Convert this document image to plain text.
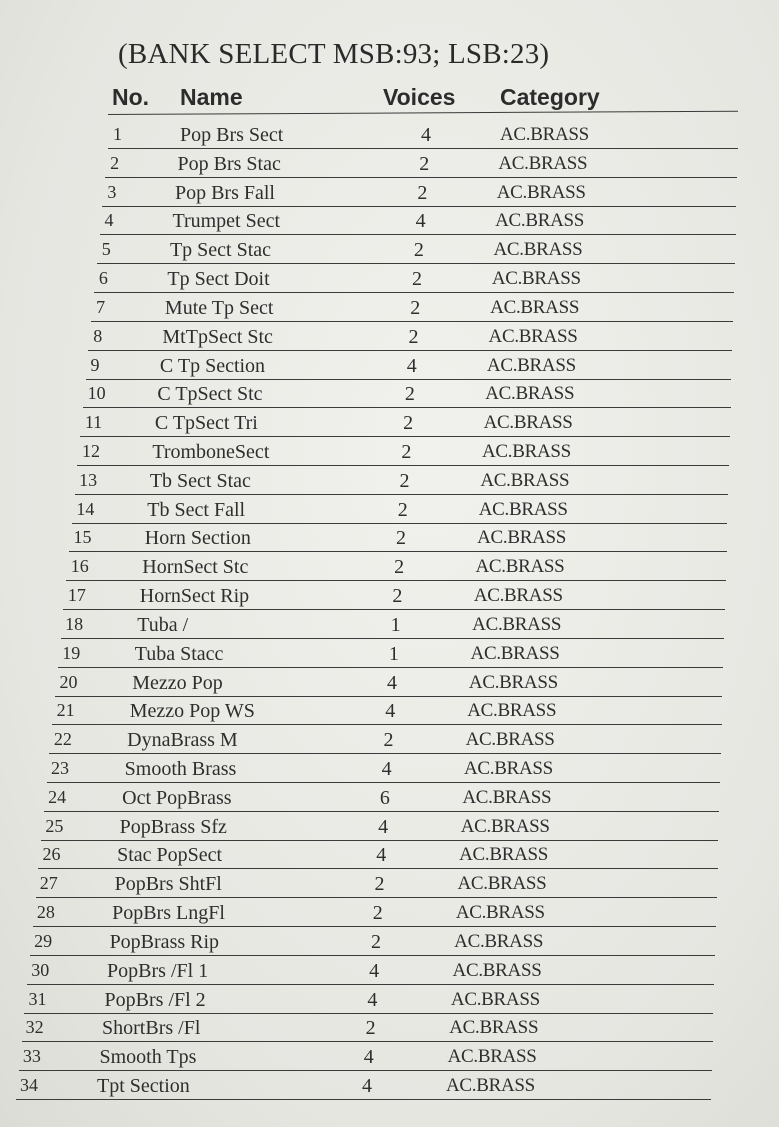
(BANK SELECT MSB:93; LSB:23)
No. Name	Voices Category
1	Pop Brs Sect	4	AC.BRASS
2	Pop Brs Stac	2	AC.BRASS
3	Pop Brs Fall	2	AC.BRASS
4	Trumpet Sect	4	AC.BRASS
5	Tp Sect Stac	2	AC.BRASS
6	Tp Sect Doit	2	AC.BRASS
7	Mute Tp Sect	2	AC.BRASS
8	MtTpSect Stc	2	AC.BRASS
9	C Tp Section	4	AC.BRASS
10	C TpSect Stc	2	AC.BRASS
11	C TpSect Tri	2	AC.BRASS
12	TromboneSect	2	AC.BRASS
13	Tb Sect Stac	2	AC.BRASS
14	Tb Sect Fall	2	AC.BRASS
15	Horn Section	2	AC.BRASS
16	HornSect Stc	2	AC.BRASS
17	HornSect Rip	2	AC.BRASS
18	Tuba /	1	AC.BRASS
19	Tuba Stacc	1	AC.BRASS
20	Mezzo Pop	4	AC.BRASS
21	Mezzo Pop WS	4	AC.BRASS
22	DynaBrass M	2	AC.BRASS
23	Smooth Brass	4	AC.BRASS
24	Oct PopBrass	6	AC.BRASS
25	PopBrass Sfz	4	AC.BRASS
26	Stac PopSect	4	AC.BRASS
27	PopBrs ShtFl	2	AC.BRASS
28	PopBrs LngFl	2	AC.BRASS
29	PopBrass Rip	2	AC.BRASS
30	PopBrs /Fl 1	4	AC.BRASS
31	PopBrs /Fl 2	4	AC.BRASS
32	ShortBrs /Fl	2	AC.BRASS
33	Smooth Tps	4	AC.BRASS
34	Tpt Section	4	AC.BRASS
